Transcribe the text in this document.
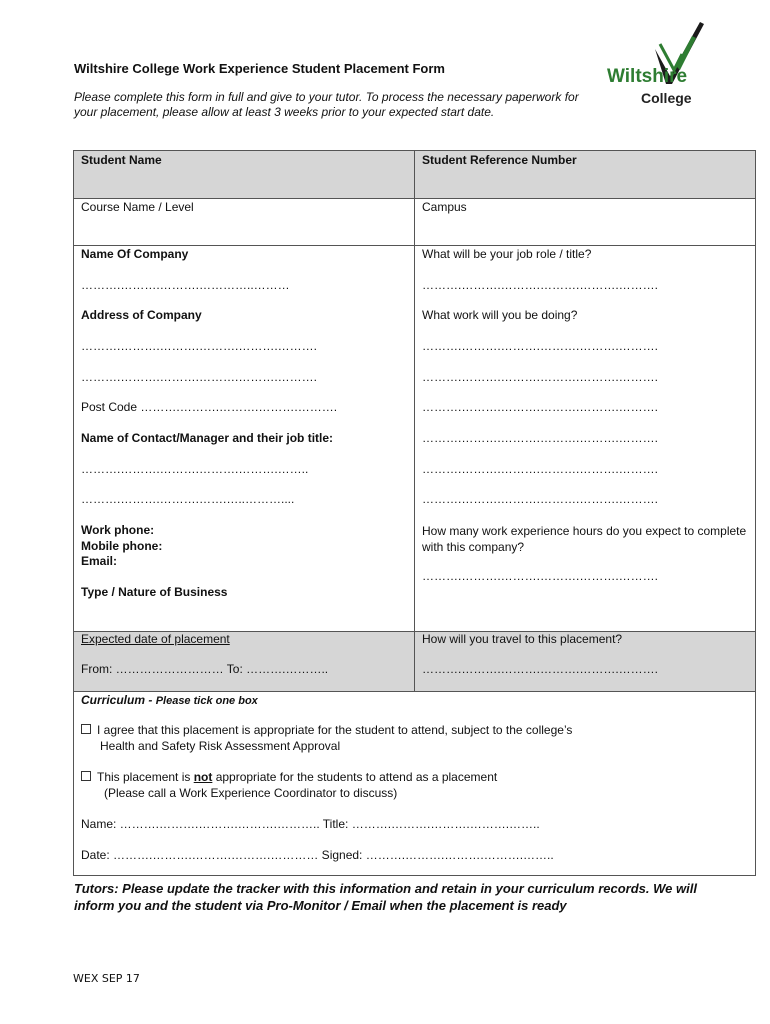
Wiltshire College Work Experience Student Placement Form
Please complete this form in full and give to your tutor. To process the necessary paperwork for your placement, please allow at least 3 weeks prior to your expected start date.
Wiltshire
College
Student Name
Course Name / Level
Name Of Company
……….……….……….…………..………
Address of Company
……….……….……….……….……….……….
……….……….……….……….……….……….
Post Code ……….……….……….……….……….
Name of Contact/Manager and their job title:
……….……….……….……….……….……..
……….……….……….…….…..………....
Work phone:
Mobile phone:
Email:
Type / Nature of Business
Expected date of placement
From: ……………………… To: ……….………..
Student Reference Number
Campus
What will be your job role / title?
……….……….……….……….……….……….
What work will you be doing?
……….……….……….……….……….……….
……….……….……….……….……….……….
……….……….……….……….……….……….
……….……….……….……….……….……….
……….……….……….……….……….……….
……….……….……….……….……….……….
How many work experience hours do you expect to complete with this company?
……….……….……….……….……….……….
How will you travel to this placement?
……….……….……….……….……….……….
Curriculum - Please tick one box
I agree that this placement is appropriate for the student to attend, subject to the college’s
Health and Safety Risk Assessment Approval
This placement is not appropriate for the students to attend as a placement
(Please call a Work Experience Coordinator to discuss)
Name: ……….……….……….……….……….. Title: ……….……….……….……….……..
Date: ……….……….……….……….………… Signed: ……….……….……….……….……..
Tutors: Please update the tracker with this information and retain in your curriculum records. We will inform you and the student via Pro-Monitor / Email when the placement is ready
WEX SEP 17
